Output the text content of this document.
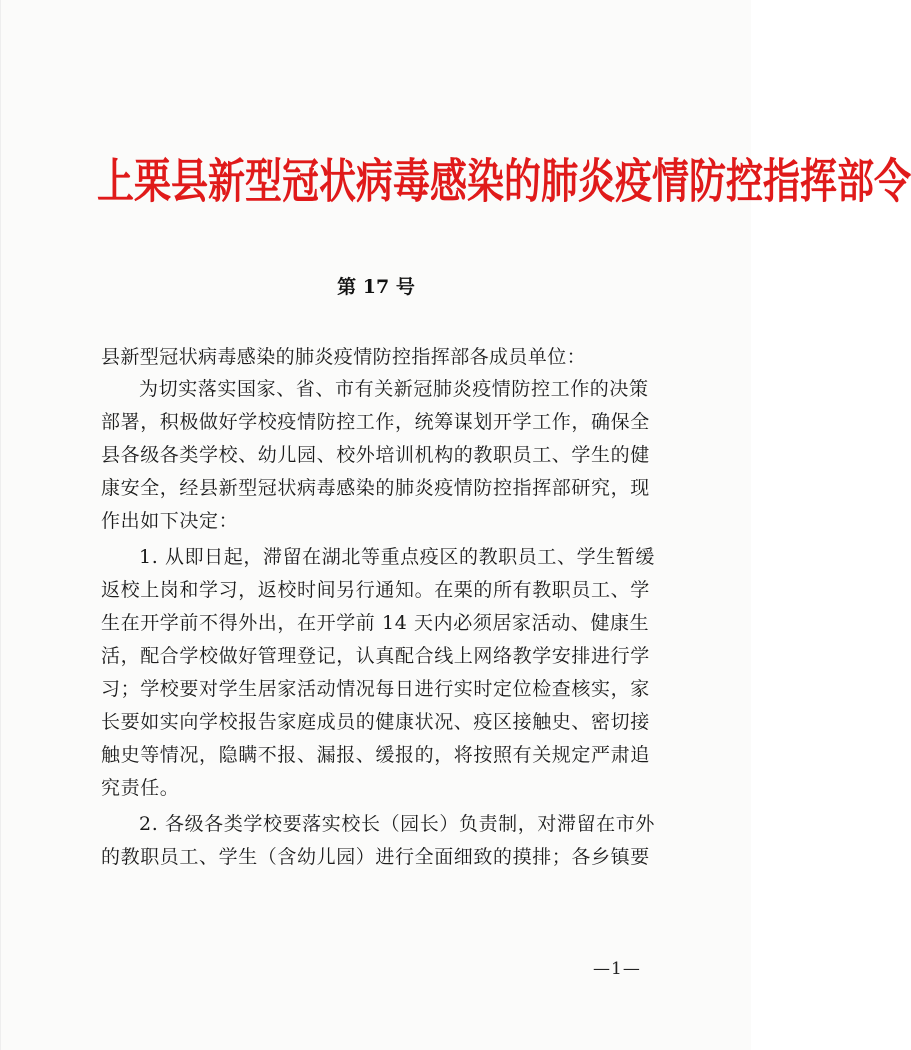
上栗县新型冠状病毒感染的肺炎疫情防控指挥部令
第 17 号
县新型冠状病毒感染的肺炎疫情防控指挥部各成员单位：

为切实落实国家、省、市有关新冠肺炎疫情防控工作的决策
部署，积极做好学校疫情防控工作，统筹谋划开学工作，确保全
县各级各类学校、幼儿园、校外培训机构的教职员工、学生的健
康安全，经县新型冠状病毒感染的肺炎疫情防控指挥部研究，现
作出如下决定：

1. 从即日起，滞留在湖北等重点疫区的教职员工、学生暂缓
返校上岗和学习，返校时间另行通知。在栗的所有教职员工、学
生在开学前不得外出，在开学前 14 天内必须居家活动、健康生
活，配合学校做好管理登记，认真配合线上网络教学安排进行学
习；学校要对学生居家活动情况每日进行实时定位检查核实，家
长要如实向学校报告家庭成员的健康状况、疫区接触史、密切接
触史等情况，隐瞒不报、漏报、缓报的，将按照有关规定严肃追
究责任。

2. 各级各类学校要落实校长（园长）负责制，对滞留在市外
的教职员工、学生（含幼儿园）进行全面细致的摸排；各乡镇要

—1—
